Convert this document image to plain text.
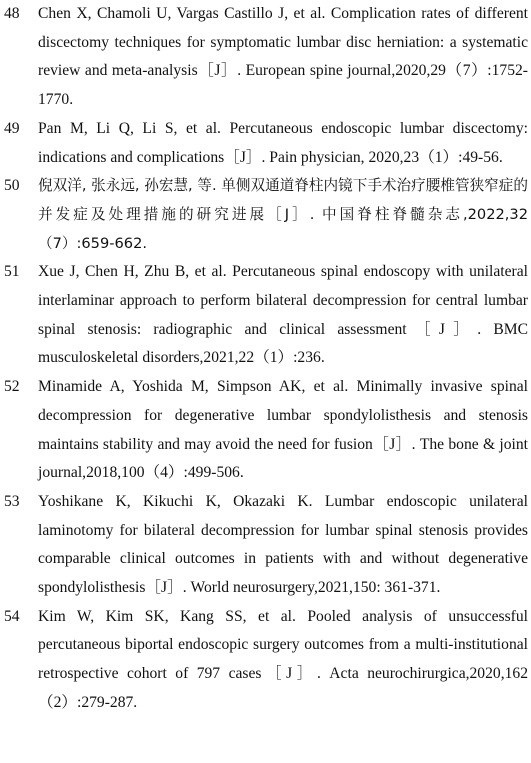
48 Chen X, Chamoli U, Vargas Castillo J, et al. Complication rates of different discectomy techniques for symptomatic lumbar disc herniation: a systematic review and meta-analysis［J］. European spine journal,2020,29（7）:1752-1770.
49 Pan M, Li Q, Li S, et al. Percutaneous endoscopic lumbar discectomy: indications and complications［J］. Pain physician, 2020,23（1）:49-56.
50 倪双洋, 张永远, 孙宏慧, 等. 单侧双通道脊柱内镜下手术治疗腰椎管狭窄症的并发症及处理措施的研究进展［J］. 中国脊柱脊髓杂志,2022,32（7）:659-662.
51 Xue J, Chen H, Zhu B, et al. Percutaneous spinal endoscopy with unilateral interlaminar approach to perform bilateral decompression for central lumbar spinal stenosis: radiographic and clinical assessment［J］. BMC musculoskeletal disorders,2021,22（1）:236.
52 Minamide A, Yoshida M, Simpson AK, et al. Minimally invasive spinal decompression for degenerative lumbar spondylolisthesis and stenosis maintains stability and may avoid the need for fusion［J］. The bone & joint journal,2018,100（4）:499-506.
53 Yoshikane K, Kikuchi K, Okazaki K. Lumbar endoscopic unilateral laminotomy for bilateral decompression for lumbar spinal stenosis provides comparable clinical outcomes in patients with and without degenerative spondylolisthesis［J］. World neurosurgery,2021,150: 361-371.
54 Kim W, Kim SK, Kang SS, et al. Pooled analysis of unsuccessful percutaneous biportal endoscopic surgery outcomes from a multi-institutional retrospective cohort of 797 cases［J］. Acta neurochirurgica,2020,162（2）:279-287.
